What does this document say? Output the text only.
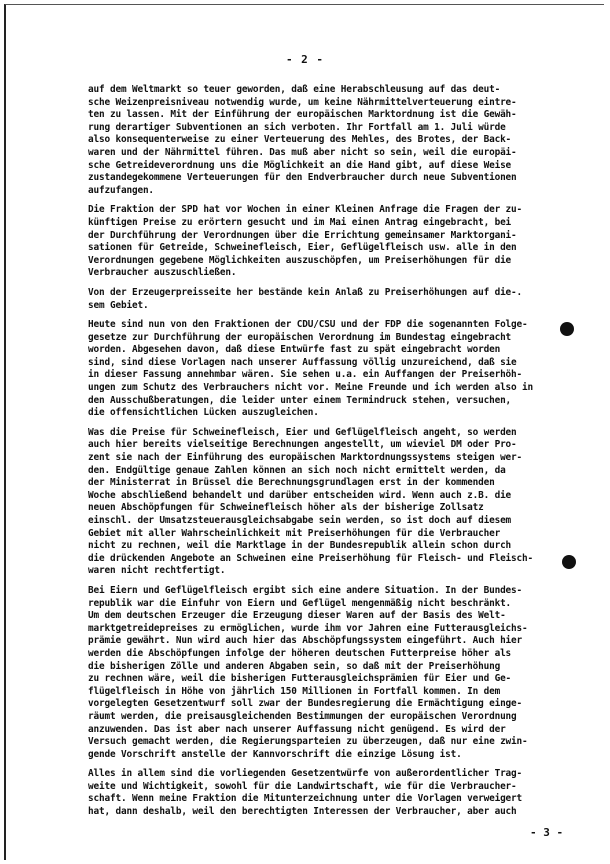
- 2 -

auf dem Weltmarkt so teuer geworden, daß eine Herabschleusung auf das deut-
sche Weizenpreisniveau notwendig wurde, um keine Nährmittelverteuerung eintre-
ten zu lassen. Mit der Einführung der europäischen Marktordnung ist die Gewäh-
rung derartiger Subventionen an sich verboten. Ihr Fortfall am 1. Juli würde
also konsequenterweise zu einer Verteuerung des Mehles, des Brotes, der Back-
waren und der Nährmittel führen. Das muß aber nicht so sein, weil die europäi-
sche Getreideverordnung uns die Möglichkeit an die Hand gibt, auf diese Weise
zustandegekommene Verteuerungen für den Endverbraucher durch neue Subventionen
aufzufangen.

Die Fraktion der SPD hat vor Wochen in einer Kleinen Anfrage die Fragen der zu-
künftigen Preise zu erörtern gesucht und im Mai einen Antrag eingebracht, bei
der Durchführung der Verordnungen über die Errichtung gemeinsamer Marktorgani-
sationen für Getreide, Schweinefleisch, Eier, Geflügelfleisch usw. alle in den
Verordnungen gegebene Möglichkeiten auszuschöpfen, um Preiserhöhungen für die
Verbraucher auszuschließen.

Von der Erzeugerpreisseite her bestände kein Anlaß zu Preiserhöhungen auf die-.
sem Gebiet.

Heute sind nun von den Fraktionen der CDU/CSU und der FDP die sogenannten Folge-
gesetze zur Durchführung der europäischen Verordnung im Bundestag eingebracht
worden. Abgesehen davon, daß diese Entwürfe fast zu spät eingebracht worden
sind, sind diese Vorlagen nach unserer Auffassung völlig unzureichend, daß sie
in dieser Fassung annehmbar wären. Sie sehen u.a. ein Auffangen der Preiserhöh-
ungen zum Schutz des Verbrauchers nicht vor. Meine Freunde und ich werden also in
den Ausschußberatungen, die leider unter einem Termindruck stehen, versuchen,
die offensichtlichen Lücken auszugleichen.

Was die Preise für Schweinefleisch, Eier und Geflügelfleisch angeht, so werden
auch hier bereits vielseitige Berechnungen angestellt, um wieviel DM oder Pro-
zent sie nach der Einführung des europäischen Marktordnungssystems steigen wer-
den. Endgültige genaue Zahlen können an sich noch nicht ermittelt werden, da
der Ministerrat in Brüssel die Berechnungsgrundlagen erst in der kommenden
Woche abschließend behandelt und darüber entscheiden wird. Wenn auch z.B. die
neuen Abschöpfungen für Schweinefleisch höher als der bisherige Zollsatz
einschl. der Umsatzsteuerausgleichsabgabe sein werden, so ist doch auf diesem
Gebiet mit aller Wahrscheinlichkeit mit Preiserhöhungen für die Verbraucher
nicht zu rechnen, weil die Marktlage in der Bundesrepublik allein schon durch
die drückenden Angebote an Schweinen eine Preiserhöhung für Fleisch- und Fleisch-
waren nicht rechtfertigt.

Bei Eiern und Geflügelfleisch ergibt sich eine andere Situation. In der Bundes-
republik war die Einfuhr von Eiern und Geflügel mengenmäßig nicht beschränkt.
Um dem deutschen Erzeuger die Erzeugung dieser Waren auf der Basis des Welt-
marktgetreidepreises zu ermöglichen, wurde ihm vor Jahren eine Futterausgleichs-
prämie gewährt. Nun wird auch hier das Abschöpfungssystem eingeführt. Auch hier
werden die Abschöpfungen infolge der höheren deutschen Futterpreise höher als
die bisherigen Zölle und anderen Abgaben sein, so daß mit der Preiserhöhung
zu rechnen wäre, weil die bisherigen Futterausgleichsprämien für Eier und Ge-
flügelfleisch in Höhe von jährlich 150 Millionen in Fortfall kommen. In dem
vorgelegten Gesetzentwurf soll zwar der Bundesregierung die Ermächtigung einge-
räumt werden, die preisausgleichenden Bestimmungen der europäischen Verordnung
anzuwenden. Das ist aber nach unserer Auffassung nicht genügend. Es wird der
Versuch gemacht werden, die Regierungsparteien zu überzeugen, daß nur eine zwin-
gende Vorschrift anstelle der Kannvorschrift die einzige Lösung ist.

Alles in allem sind die vorliegenden Gesetzentwürfe von außerordentlicher Trag-
weite und Wichtigkeit, sowohl für die Landwirtschaft, wie für die Verbraucher-
schaft. Wenn meine Fraktion die Mitunterzeichnung unter die Vorlagen verweigert
hat, dann deshalb, weil den berechtigten Interessen der Verbraucher, aber auch

- 3 -
